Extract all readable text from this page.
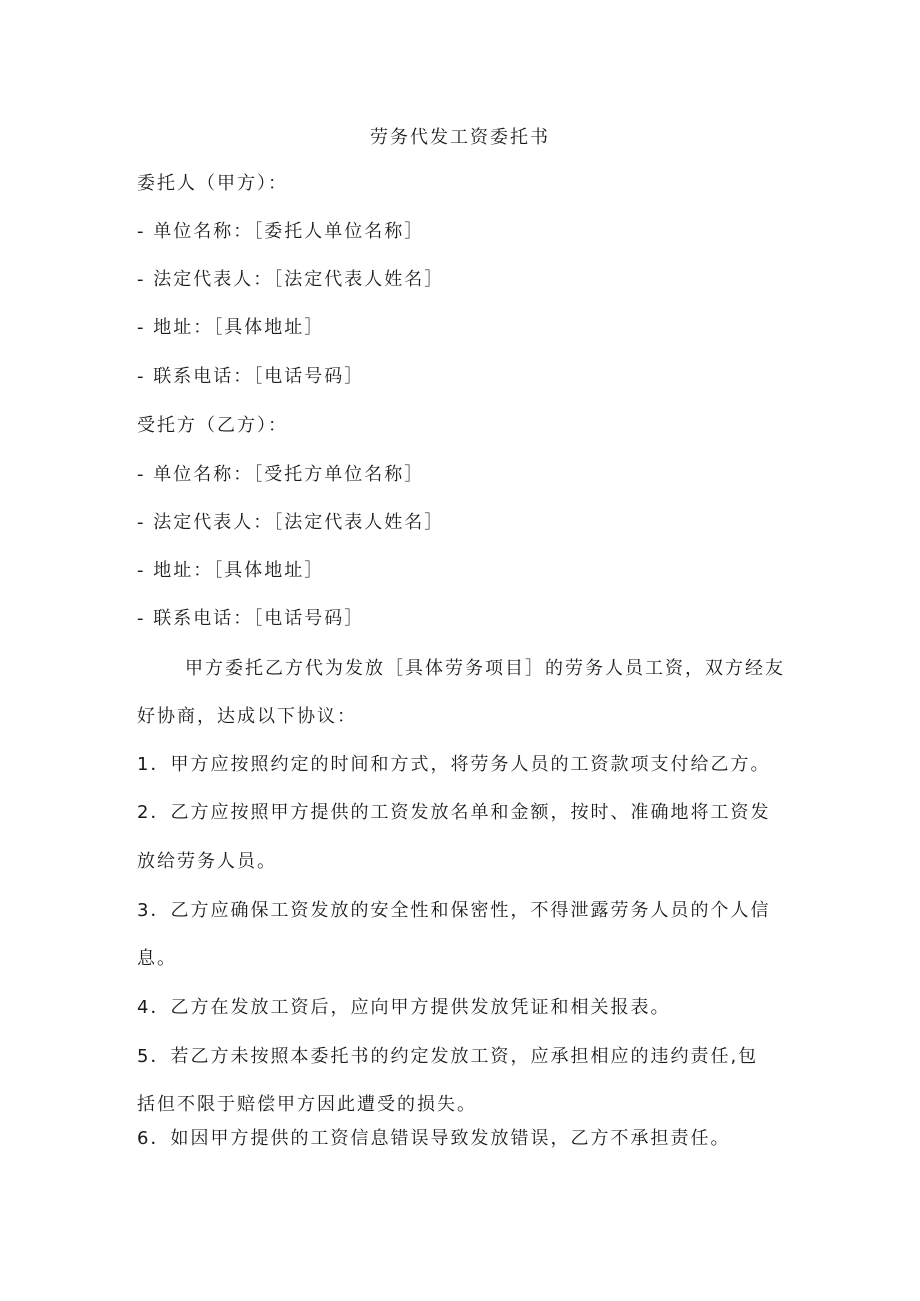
劳务代发工资委托书
委托人（甲方）：
- 单位名称：［委托人单位名称］
- 法定代表人：［法定代表人姓名］
- 地址：［具体地址］
- 联系电话：［电话号码］
受托方（乙方）：
- 单位名称：［受托方单位名称］
- 法定代表人：［法定代表人姓名］
- 地址：［具体地址］
- 联系电话：［电话号码］
甲方委托乙方代为发放［具体劳务项目］的劳务人员工资，双方经友
好协商，达成以下协议：
1．甲方应按照约定的时间和方式，将劳务人员的工资款项支付给乙方。
2．乙方应按照甲方提供的工资发放名单和金额，按时、准确地将工资发
放给劳务人员。
3．乙方应确保工资发放的安全性和保密性，不得泄露劳务人员的个人信
息。
4．乙方在发放工资后，应向甲方提供发放凭证和相关报表。
5．若乙方未按照本委托书的约定发放工资，应承担相应的违约责任,包
括但不限于赔偿甲方因此遭受的损失。
6．如因甲方提供的工资信息错误导致发放错误，乙方不承担责任。
